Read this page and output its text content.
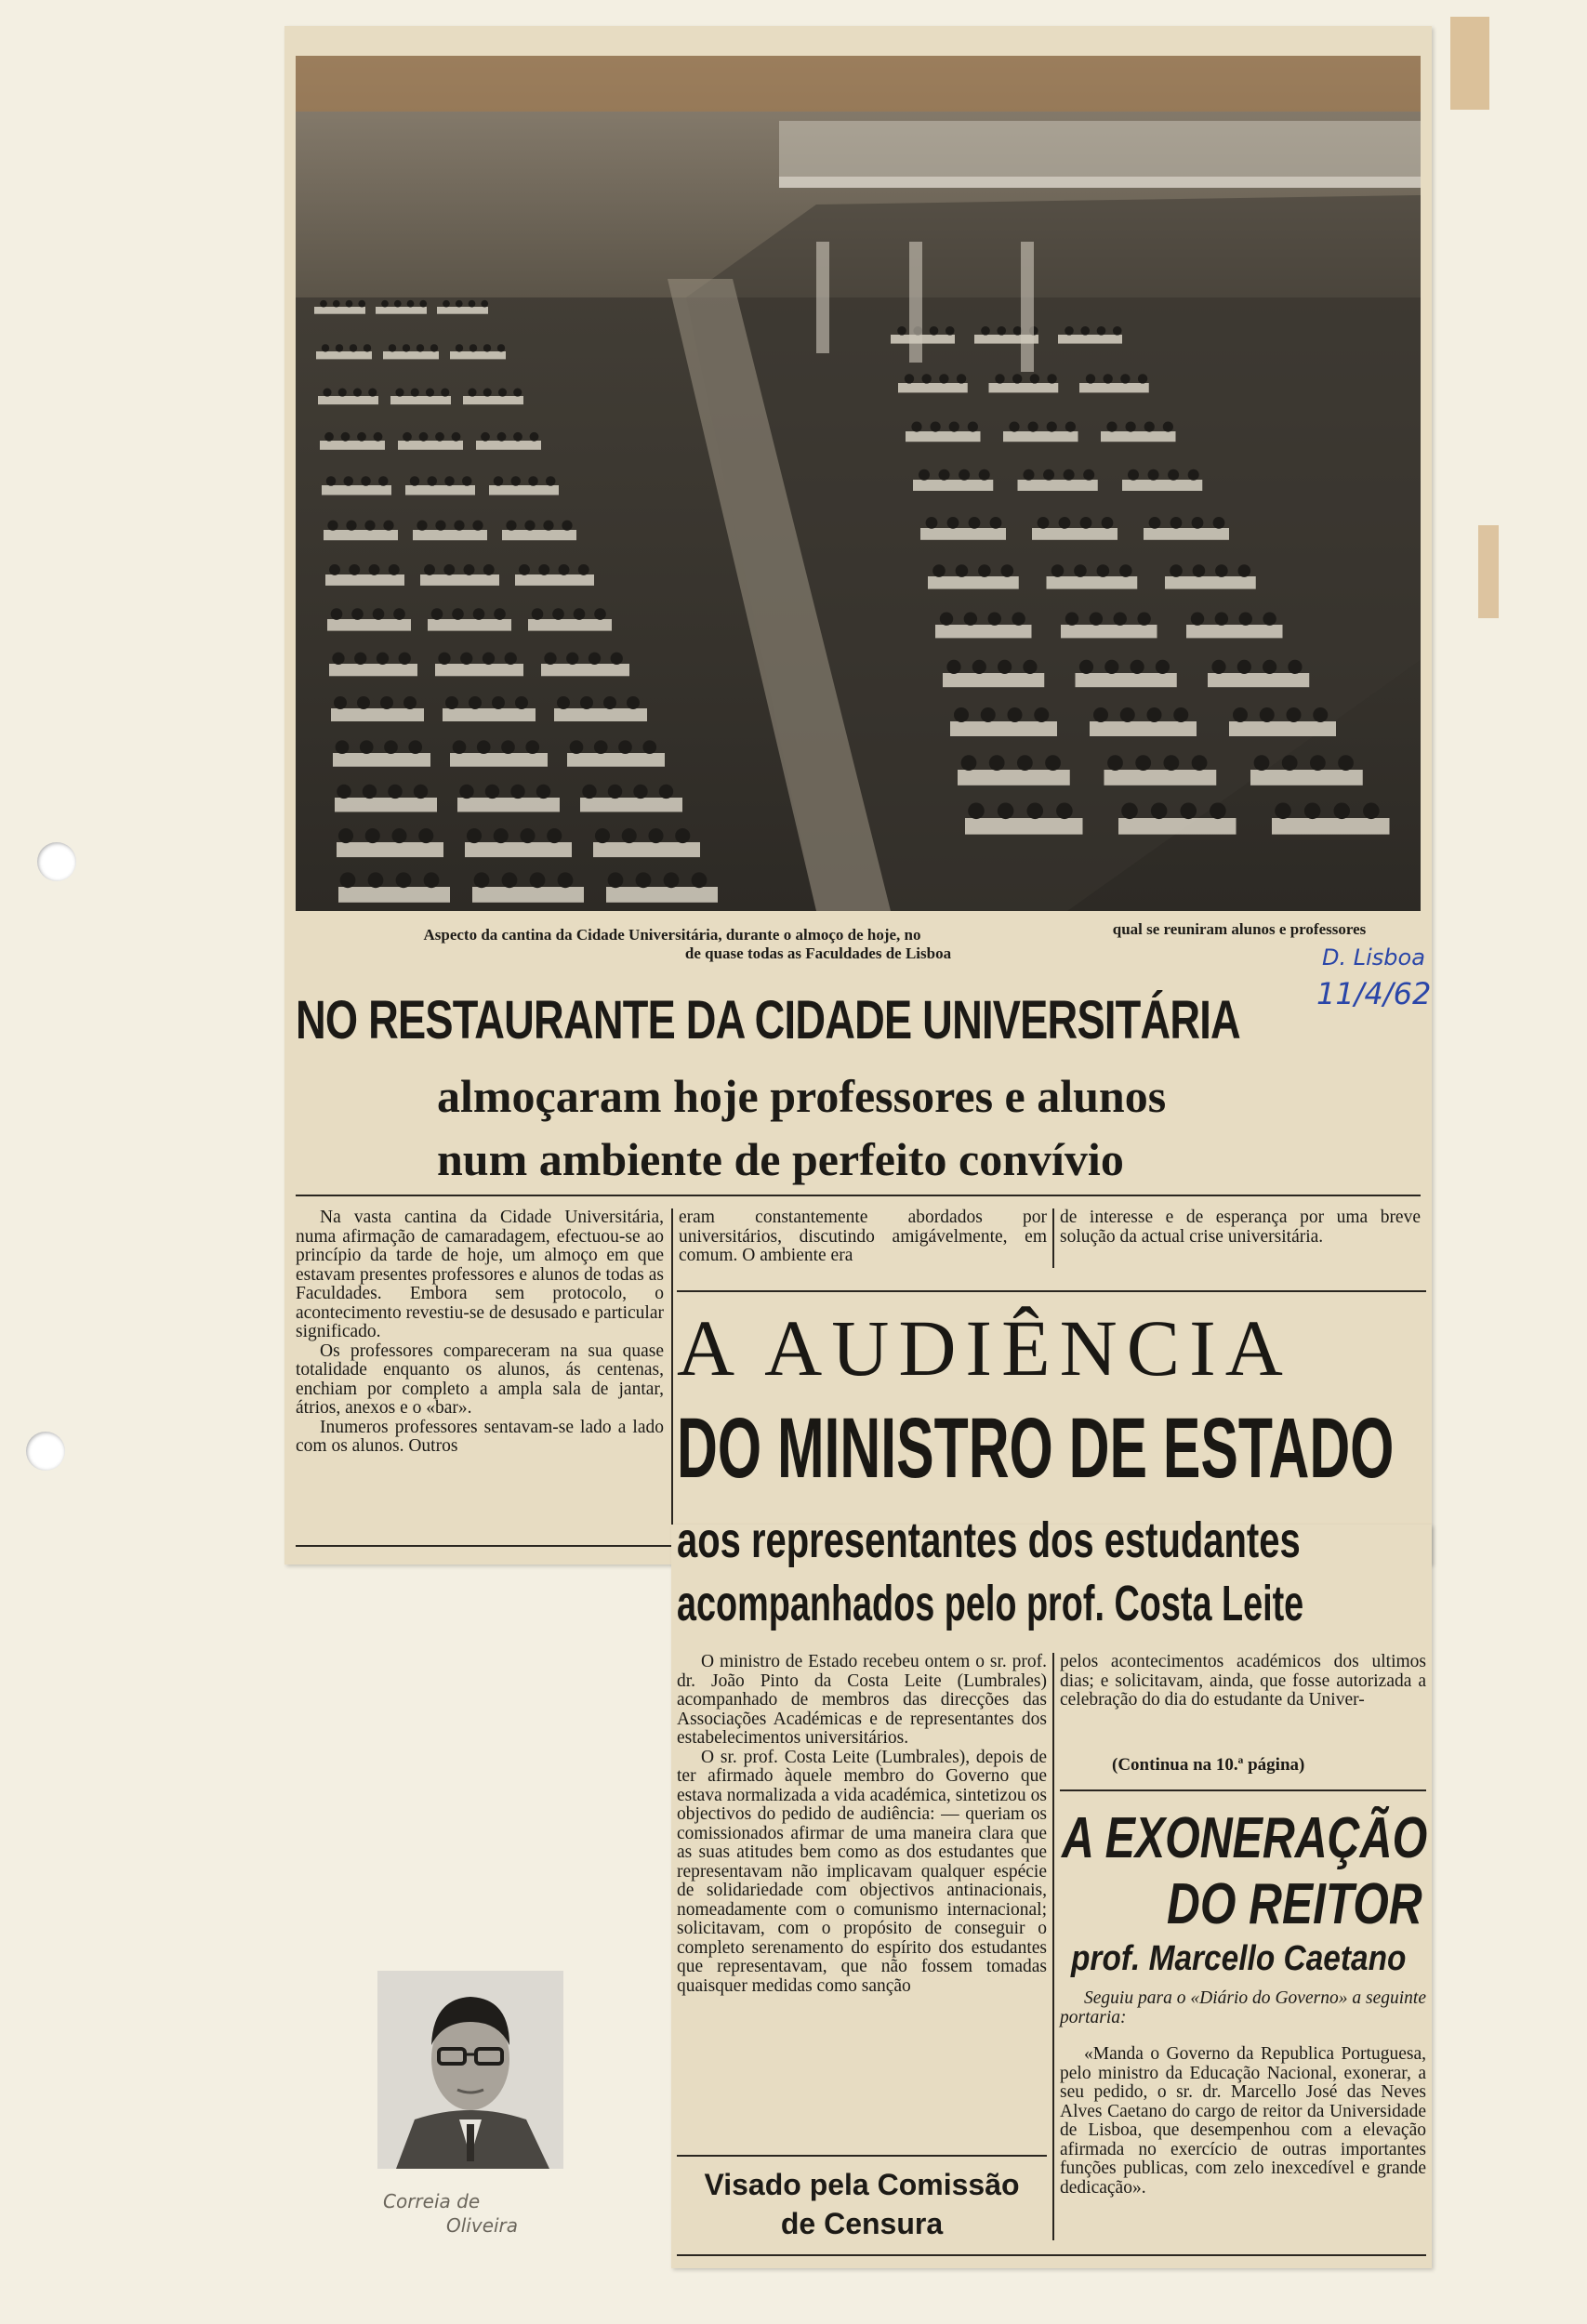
Aspecto da cantina da Cidade Universitária, durante o almoço de hoje, no	qual se reuniram alunos e professores
de quase todas as Faculdades de Lisboa	D. Lisboa
11/4/62
NO RESTAURANTE DA CIDADE UNIVERSITÁRIA
almoçaram hoje professores e alunos
num ambiente de perfeito convívio

Na vasta cantina da Cidade Universitária, numa afirmação de camaradagem, efectuou-se ao princípio da tarde de hoje, um almoço em que estavam presentes professores e alunos de todas as Faculdades. Embora sem protocolo, o acontecimento revestiu-se de desusado e particular significado.

Os professores compareceram na sua quase totalidade enquanto os alunos, ás centenas, enchiam por completo a ampla sala de jantar, átrios, anexos e o «bar».

Inumeros professores sentavam-se lado a lado com os alunos. Outros

eram constantemente abordados por universitários, discutindo amigávelmente, em comum. O ambiente era

de interesse e de esperança por uma breve solução da actual crise universitária.

A AUDIÊNCIA
DO MINISTRO DE ESTADO
aos representantes dos estudantes
acompanhados pelo prof. Costa Leite

O ministro de Estado recebeu ontem o sr. prof. dr. João Pinto da Costa Leite (Lumbrales) acompanhado de membros das direcções das Associações Académicas e de representantes dos estabelecimentos universitários.

O sr. prof. Costa Leite (Lumbrales), depois de ter afirmado àquele membro do Governo que estava normalizada a vida académica, sintetizou os objectivos do pedido de audiência: — queriam os comissionados afirmar de uma maneira clara que as suas atitudes bem como as dos estudantes que representavam não implicavam qualquer espécie de solidariedade com objectivos antinacionais, nomeadamente com o comunismo internacional; solicitavam, com o propósito de conseguir o completo serenamento do espírito dos estudantes que representavam, que não fossem tomadas quaisquer medidas como sanção

pelos acontecimentos académicos dos ultimos dias; e solicitavam, ainda, que fosse autorizada a celebração do dia do estudante da Univer-

(Continua na 10.ª página)
A EXONERAÇÃO
DO REITOR
prof. Marcello Caetano

Seguiu para o «Diário do Governo» a seguinte portaria:

«Manda o Governo da Republica Portuguesa, pelo ministro da Educação Nacional, exonerar, a seu pedido, o sr. dr. Marcello José das Neves Alves Caetano do cargo de reitor da Universidade de Lisboa, que desempenhou com a elevação afirmada no exercício de outras importantes funções publicas, com zelo inexcedível e grande dedicação».

Visado pela Comissão
de Censura
Correia de
Oliveira
